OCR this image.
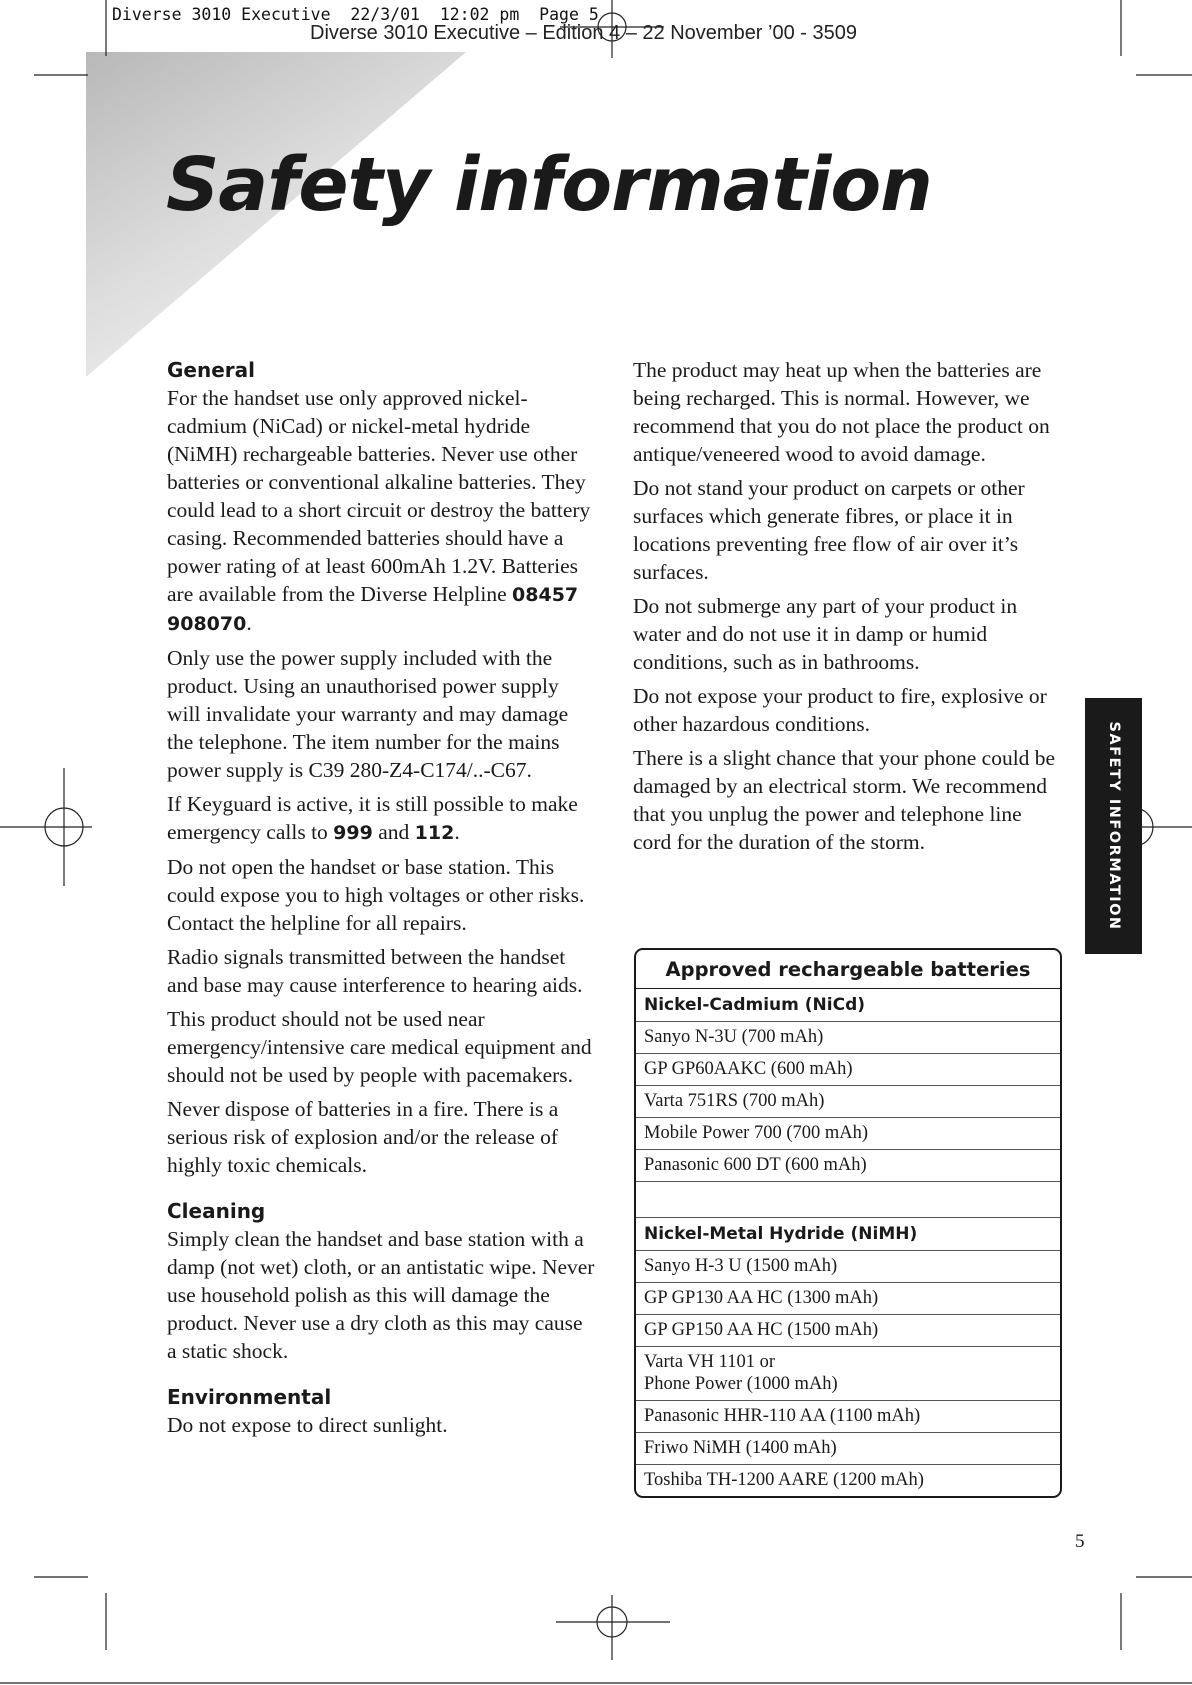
Diverse 3010 Executive  22/3/01  12:02 pm  Page 5
Diverse 3010 Executive – Edition 4 – 22 November ’00 - 3509
Safety information
General

For the handset use only approved nickel-cadmium (NiCad) or nickel-metal hydride (NiMH) rechargeable batteries. Never use other batteries or conventional alkaline batteries. They could lead to a short circuit or destroy the battery casing. Recommended batteries should have a power rating of at least 600mAh 1.2V. Batteries are available from the Diverse Helpline 08457 908070.

Only use the power supply included with the product. Using an unauthorised power supply will invalidate your warranty and may damage the telephone. The item number for the mains power supply is C39 280-Z4-C174/..-C67.

If Keyguard is active, it is still possible to make emergency calls to 999 and 112.

Do not open the handset or base station. This could expose you to high voltages or other risks. Contact the helpline for all repairs.

Radio signals transmitted between the handset and base may cause interference to hearing aids.

This product should not be used near emergency/intensive care medical equipment and should not be used by people with pacemakers.

Never dispose of batteries in a fire. There is a serious risk of explosion and/or the release of highly toxic chemicals.

Cleaning

Simply clean the handset and base station with a damp (not wet) cloth, or an antistatic wipe. Never use household polish as this will damage the product. Never use a dry cloth as this may cause a static shock.

Environmental

Do not expose to direct sunlight.

The product may heat up when the batteries are being recharged. This is normal. However, we recommend that you do not place the product on antique/veneered wood to avoid damage.

Do not stand your product on carpets or other surfaces which generate fibres, or place it in locations preventing free flow of air over it’s surfaces.

Do not submerge any part of your product in water and do not use it in damp or humid conditions, such as in bathrooms.

Do not expose your product to fire, explosive or other hazardous conditions.

There is a slight chance that your phone could be damaged by an electrical storm. We recommend that you unplug the power and telephone line cord for the duration of the storm.

Approved rechargeable batteries
Nickel-Cadmium (NiCd)
Sanyo N-3U (700 mAh)
GP GP60AAKC (600 mAh)
Varta 751RS (700 mAh)
Mobile Power 700 (700 mAh)
Panasonic 600 DT (600 mAh)
Nickel-Metal Hydride (NiMH)
Sanyo H-3 U (1500 mAh)
GP GP130 AA HC (1300 mAh)
GP GP150 AA HC (1500 mAh)
Varta VH 1101 or
Phone Power (1000 mAh)
Panasonic HHR-110 AA (1100 mAh)
Friwo NiMH (1400 mAh)
Toshiba TH-1200 AARE (1200 mAh)
SAFETY INFORMATION
5
